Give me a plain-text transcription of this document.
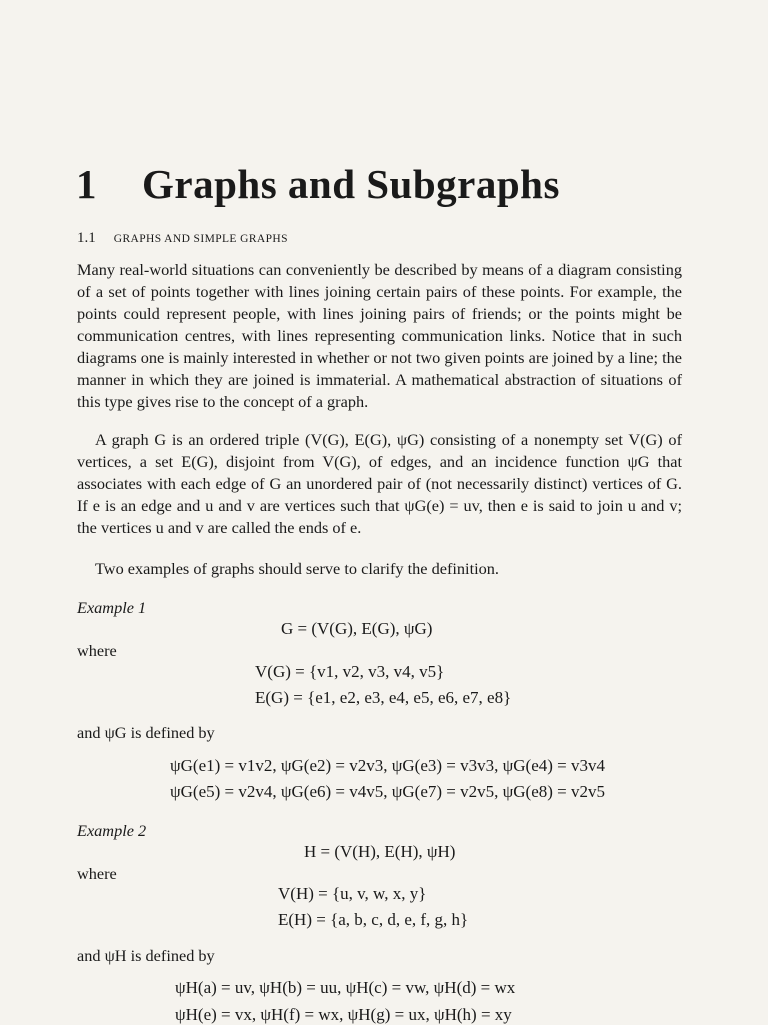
1 Graphs and Subgraphs
1.1 GRAPHS AND SIMPLE GRAPHS
Many real-world situations can conveniently be described by means of a diagram consisting of a set of points together with lines joining certain pairs of these points. For example, the points could represent people, with lines joining pairs of friends; or the points might be communication centres, with lines representing communication links. Notice that in such diagrams one is mainly interested in whether or not two given points are joined by a line; the manner in which they are joined is immaterial. A mathematical abstraction of situations of this type gives rise to the concept of a graph.
A graph G is an ordered triple (V(G), E(G), ψG) consisting of a nonempty set V(G) of vertices, a set E(G), disjoint from V(G), of edges, and an incidence function ψG that associates with each edge of G an unordered pair of (not necessarily distinct) vertices of G. If e is an edge and u and v are vertices such that ψG(e) = uv, then e is said to join u and v; the vertices u and v are called the ends of e.
Two examples of graphs should serve to clarify the definition.
Example 1
G = (V(G), E(G), ψG)
where
V(G) = {v1, v2, v3, v4, v5}
E(G) = {e1, e2, e3, e4, e5, e6, e7, e8}
and ψG is defined by
ψG(e1) = v1v2, ψG(e2) = v2v3, ψG(e3) = v3v3, ψG(e4) = v3v4
ψG(e5) = v2v4, ψG(e6) = v4v5, ψG(e7) = v2v5, ψG(e8) = v2v5
Example 2
H = (V(H), E(H), ψH)
where
V(H) = {u, v, w, x, y}
E(H) = {a, b, c, d, e, f, g, h}
and ψH is defined by
ψH(a) = uv, ψH(b) = uu, ψH(c) = vw, ψH(d) = wx
ψH(e) = vx, ψH(f) = wx, ψH(g) = ux, ψH(h) = xy
